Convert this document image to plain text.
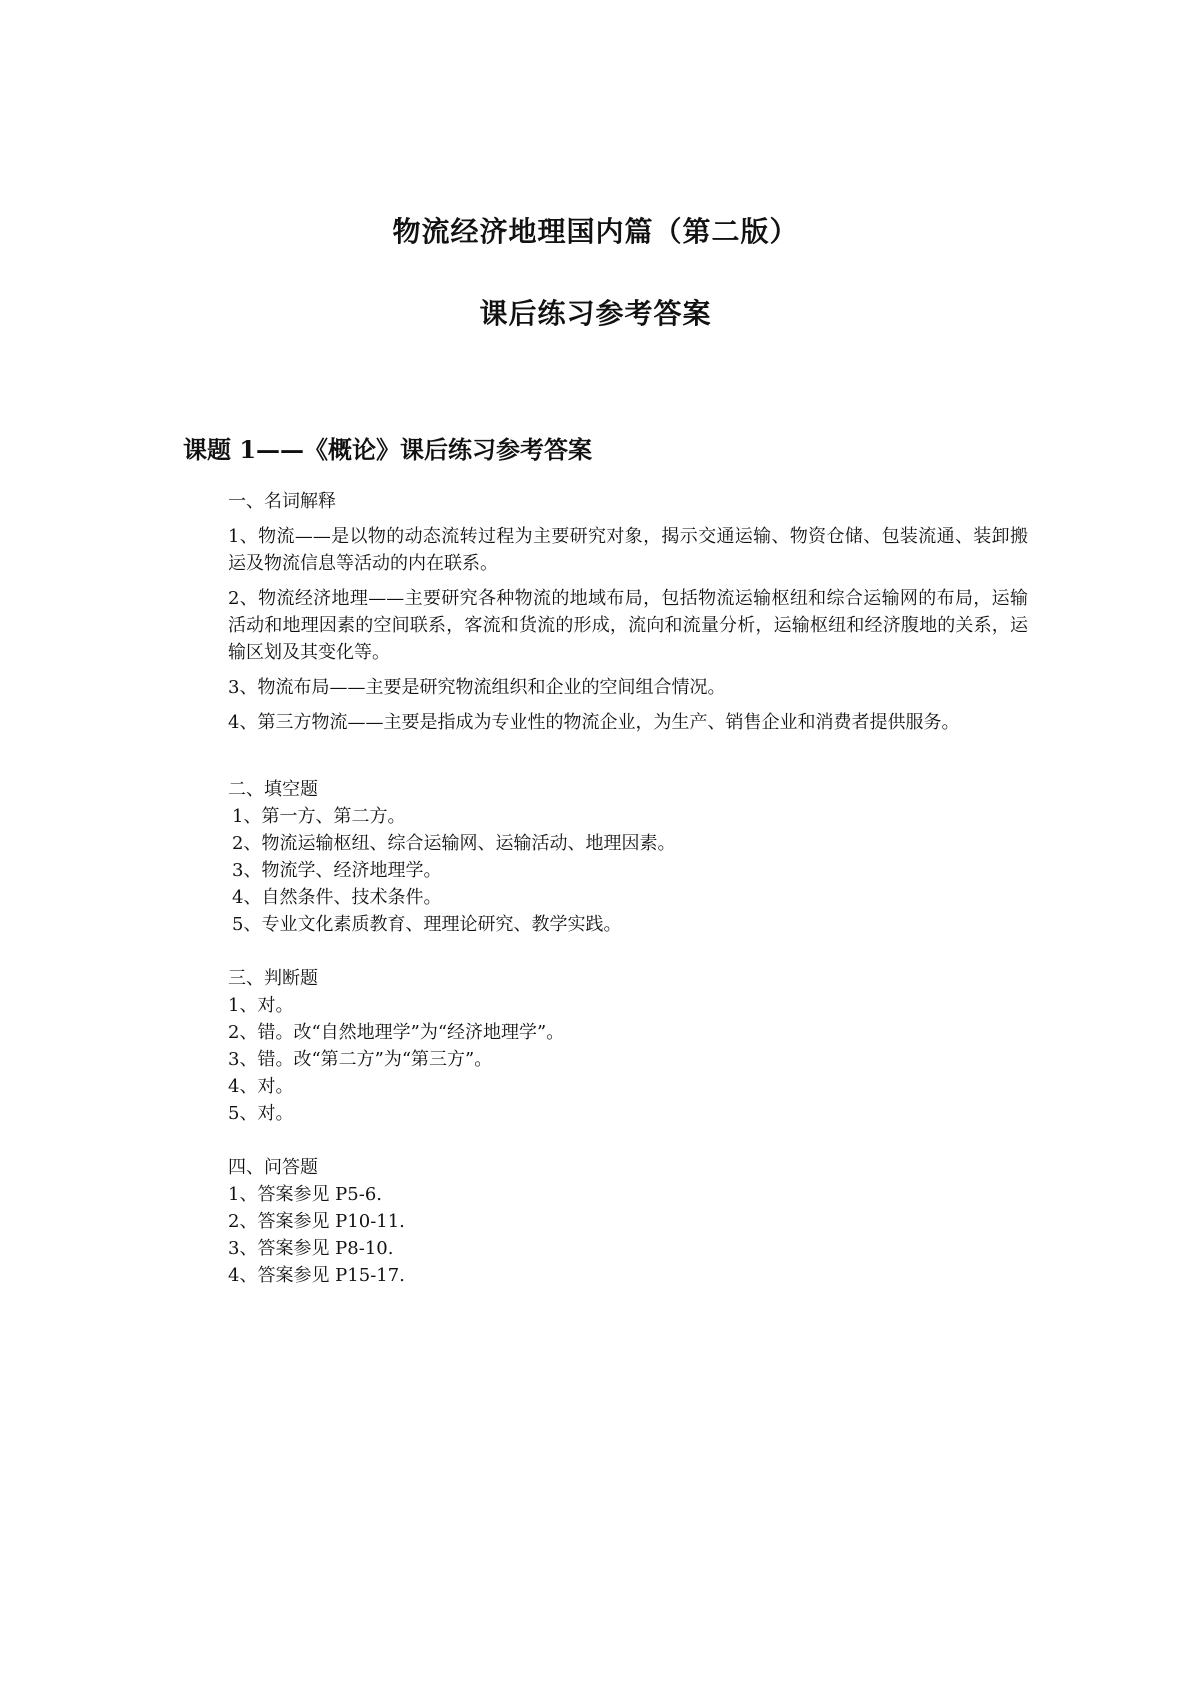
物流经济地理国内篇（第二版）
课后练习参考答案
课题 1——《概论》课后练习参考答案

一、名词解释

1、物流——是以物的动态流转过程为主要研究对象，揭示交通运输、物资仓储、包装流通、装卸搬运及物流信息等活动的内在联系。

2、物流经济地理——主要研究各种物流的地域布局，包括物流运输枢纽和综合运输网的布局，运输活动和地理因素的空间联系，客流和货流的形成，流向和流量分析，运输枢纽和经济腹地的关系，运输区划及其变化等。

3、物流布局——主要是研究物流组织和企业的空间组合情况。

4、第三方物流——主要是指成为专业性的物流企业，为生产、销售企业和消费者提供服务。

二、填空题

1、第一方、第二方。

2、物流运输枢纽、综合运输网、运输活动、地理因素。

3、物流学、经济地理学。

4、自然条件、技术条件。

5、专业文化素质教育、理理论研究、教学实践。

三、判断题

1、对。

2、错。改“自然地理学”为“经济地理学”。

3、错。改“第二方”为“第三方”。

4、对。

5、对。

四、问答题

1、答案参见 P5-6.

2、答案参见 P10-11.

3、答案参见 P8-10.

4、答案参见 P15-17.
